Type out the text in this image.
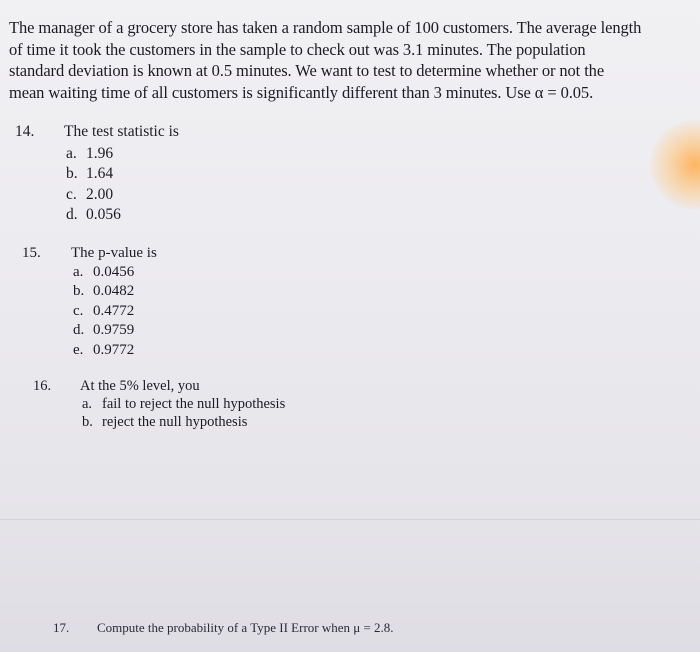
The manager of a grocery store has taken a random sample of 100 customers. The average length
of time it took the customers in the sample to check out was 3.1 minutes. The population
standard deviation is known at 0.5 minutes. We want to test to determine whether or not the
mean waiting time of all customers is significantly different than 3 minutes. Use α = 0.05.
14. The test statistic is
a. 1.96
b. 1.64
c. 2.00
d. 0.056
15. The p-value is
a. 0.0456
b. 0.0482
c. 0.4772
d. 0.9759
e. 0.9772
16. At the 5% level, you
a. fail to reject the null hypothesis
b. reject the null hypothesis
17. Compute the probability of a Type II Error when μ = 2.8.
